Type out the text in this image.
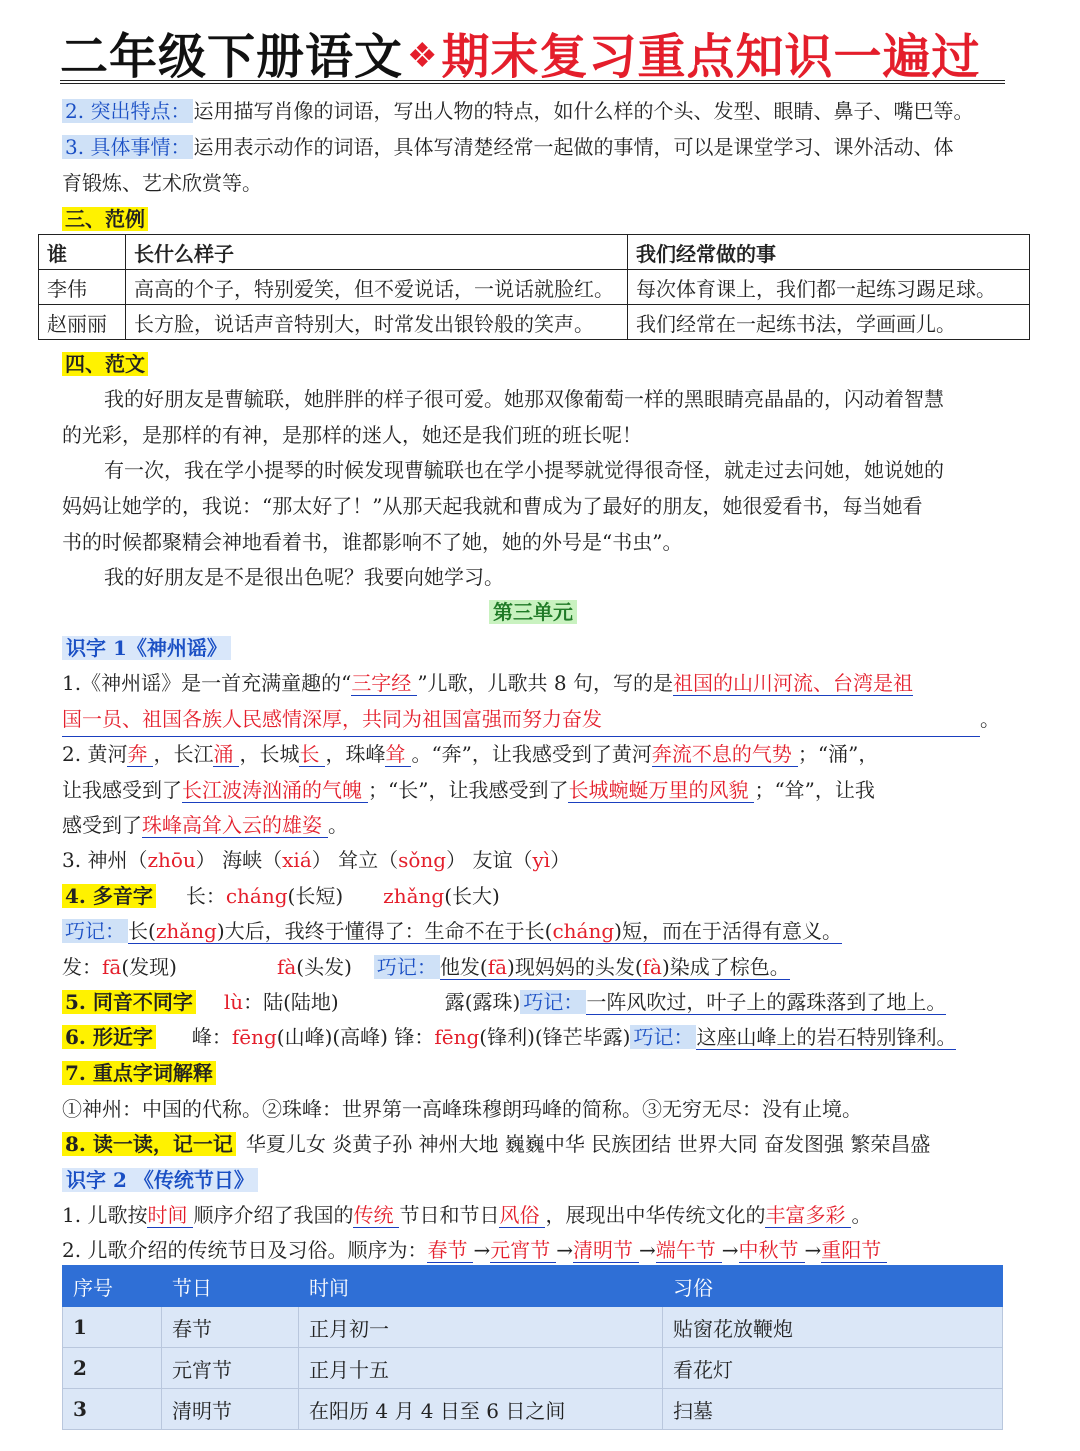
二年级下册语文 ❖期末复习重点知识一遍过
2. 突出特点： 运用描写肖像的词语，写出人物的特点，如什么样的个头、发型、眼睛、鼻子、嘴巴等。
3. 具体事情： 运用表示动作的词语，具体写清楚经常一起做的事情，可以是课堂学习、课外活动、体
育锻炼、艺术欣赏等。
三、范例
谁	长什么样子	我们经常做的事
李伟	高高的个子，特别爱笑，但不爱说话，一说话就脸红。	每次体育课上，我们都一起练习踢足球。
赵丽丽	长方脸，说话声音特别大，时常发出银铃般的笑声。	我们经常在一起练书法，学画画儿。
四、范文
我的好朋友是曹毓联，她胖胖的样子很可爱。她那双像葡萄一样的黑眼睛亮晶晶的，闪动着智慧
的光彩，是那样的有神，是那样的迷人，她还是我们班的班长呢！
有一次，我在学小提琴的时候发现曹毓联也在学小提琴就觉得很奇怪，就走过去问她，她说她的
妈妈让她学的，我说：“那太好了！”从那天起我就和曹成为了最好的朋友，她很爱看书，每当她看
书的时候都聚精会神地看着书，谁都影响不了她，她的外号是“书虫”。
我的好朋友是不是很出色呢？我要向她学习。
第三单元
识字 1《神州谣》
1.《神州谣》是一首充满童趣的“三字经 ”儿歌，儿歌共 8 句，写的是祖国的山川河流、台湾是祖
国一员、祖国各族人民感情深厚，共同为祖国富强而努力奋发	。
2. 黄河奔 ，长江涌 ，长城长 ，珠峰耸 。“奔”，让我感受到了黄河奔流不息的气势 ；“涌”，
让我感受到了长江波涛汹涌的气魄 ；“长”，让我感受到了长城蜿蜒万里的风貌 ；“耸”，让我
感受到了珠峰高耸入云的雄姿 。
3. 神州（zhōu） 海峡（xiá） 耸立（sǒng） 友谊（yì）
4. 多音字 长：cháng(长短) zhǎng(长大)
巧记： 长(zhǎng)大后，我终于懂得了：生命不在于长(cháng)短，而在于活得有意义。
发：fā(发现)	fà(头发) 巧记： 他发(fā)现妈妈的头发(fà)染成了棕色。
5. 同音不同字 lù：陆(陆地)	露(露珠) 巧记： 一阵风吹过，叶子上的露珠落到了地上。
6. 形近字 峰：fēng(山峰)(高峰) 锋：fēng(锋利)(锋芒毕露) 巧记： 这座山峰上的岩石特别锋利。
7. 重点字词解释
①神州：中国的代称。②珠峰：世界第一高峰珠穆朗玛峰的简称。③无穷无尽：没有止境。
8. 读一读，记一记 华夏儿女 炎黄子孙 神州大地 巍巍中华 民族团结 世界大同 奋发图强 繁荣昌盛
识字 2 《传统节日》
1. 儿歌按时间 顺序介绍了我国的传统 节日和节日风俗 ，展现出中华传统文化的丰富多彩 。
2. 儿歌介绍的传统节日及习俗。顺序为：春节 →元宵节 →清明节 →端午节 →中秋节 →重阳节
序号	节日	时间	习俗
1	春节	正月初一	贴窗花放鞭炮
2	元宵节	正月十五	看花灯
3	清明节	在阳历 4 月 4 日至 6 日之间	扫墓
